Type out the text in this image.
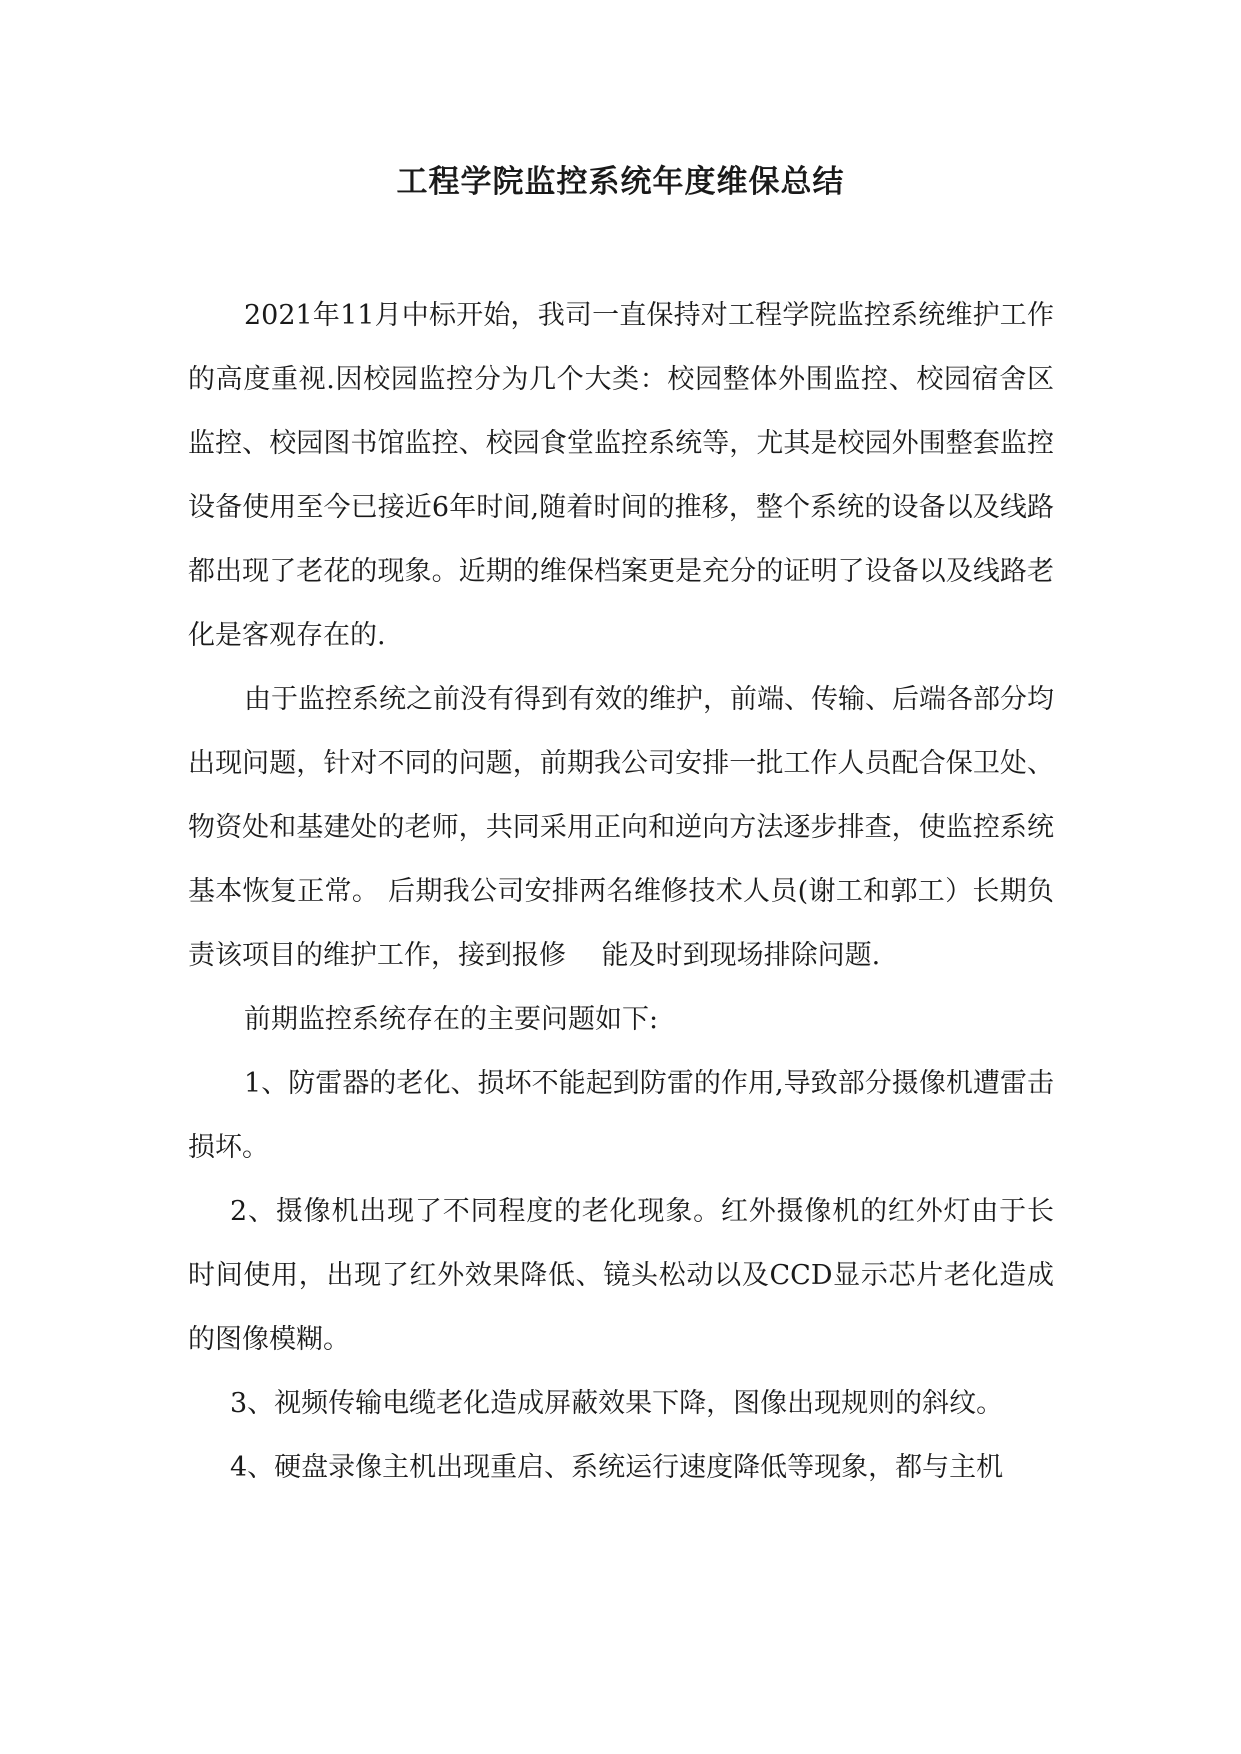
工程学院监控系统年度维保总结

2021年11月中标开始，我司一直保持对工程学院监控系统维护工作的高度重视.因校园监控分为几个大类：校园整体外围监控、校园宿舍区监控、校园图书馆监控、校园食堂监控系统等，尤其是校园外围整套监控设备使用至今已接近6年时间,随着时间的推移，整个系统的设备以及线路都出现了老花的现象。近期的维保档案更是充分的证明了设备以及线路老化是客观存在的.

由于监控系统之前没有得到有效的维护，前端、传输、后端各部分均出现问题，针对不同的问题，前期我公司安排一批工作人员配合保卫处、物资处和基建处的老师，共同采用正向和逆向方法逐步排查，使监控系统基本恢复正常。 后期我公司安排两名维修技术人员(谢工和郭工）长期负责该项目的维护工作，接到报修　 能及时到现场排除问题.

前期监控系统存在的主要问题如下:

1、防雷器的老化、损坏不能起到防雷的作用,导致部分摄像机遭雷击损坏。

2、摄像机出现了不同程度的老化现象。红外摄像机的红外灯由于长时间使用，出现了红外效果降低、镜头松动以及CCD显示芯片老化造成的图像模糊。

3、视频传输电缆老化造成屏蔽效果下降，图像出现规则的斜纹。

4、硬盘录像主机出现重启、系统运行速度降低等现象，都与主机
